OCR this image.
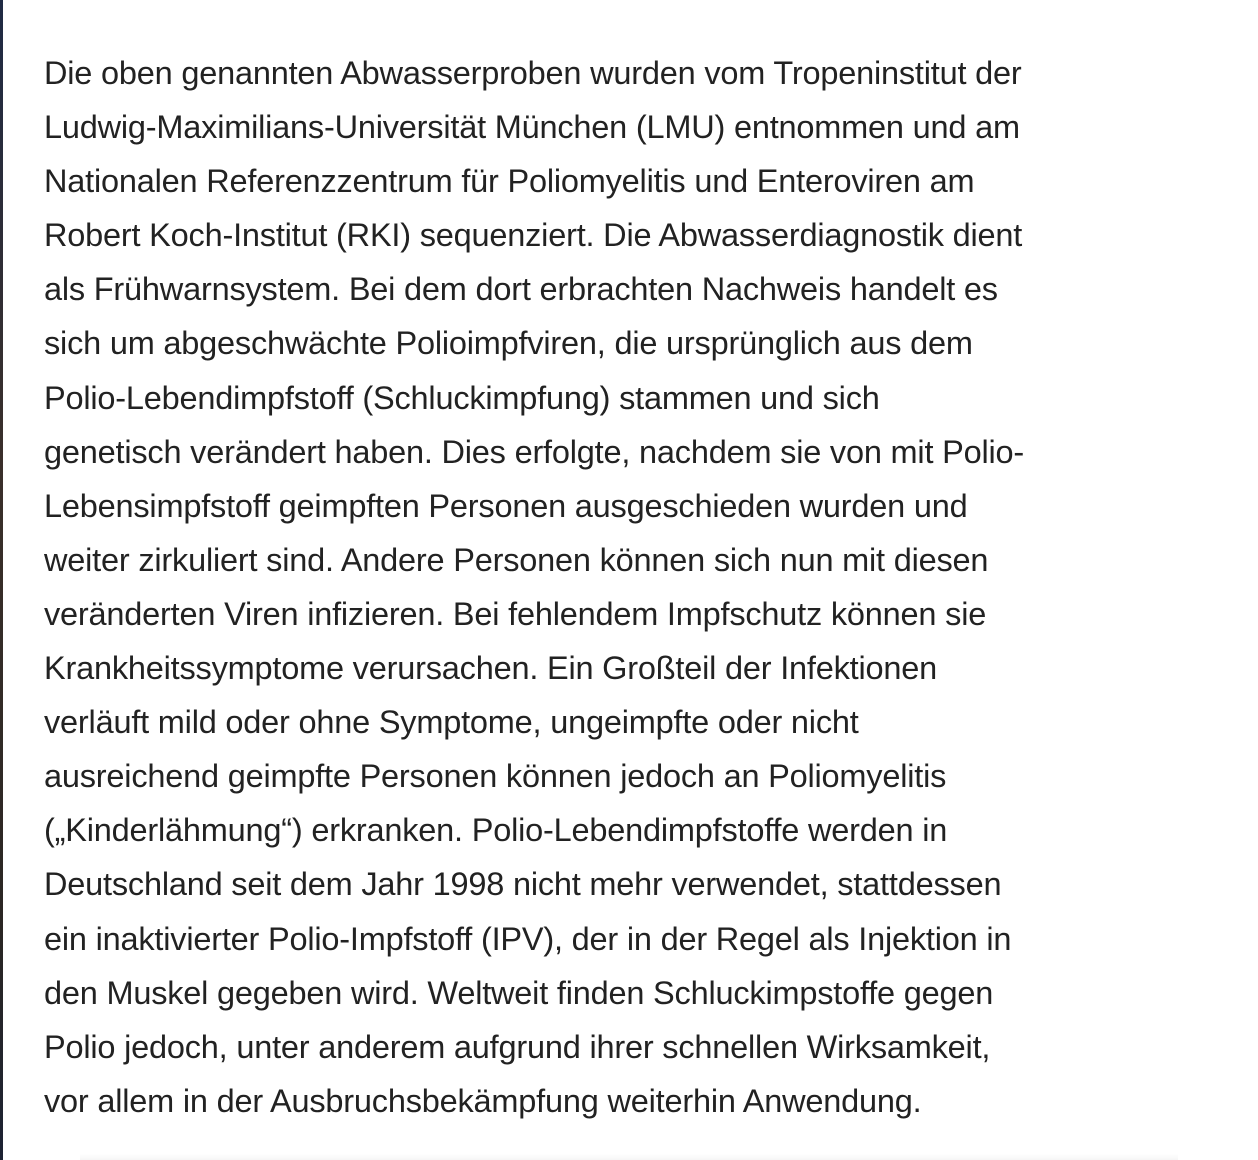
Die oben genannten Abwasserproben wurden vom Tropeninstitut der
Ludwig-Maximilians-Universität München (LMU) entnommen und am
Nationalen Referenzzentrum für Poliomyelitis und Enteroviren am
Robert Koch-Institut (RKI) sequenziert. Die Abwasserdiagnostik dient
als Frühwarnsystem. Bei dem dort erbrachten Nachweis handelt es
sich um abgeschwächte Polioimpfviren, die ursprünglich aus dem
Polio-Lebendimpfstoff (Schluckimpfung) stammen und sich
genetisch verändert haben. Dies erfolgte, nachdem sie von mit Polio-
Lebensimpfstoff geimpften Personen ausgeschieden wurden und
weiter zirkuliert sind. Andere Personen können sich nun mit diesen
veränderten Viren infizieren. Bei fehlendem Impfschutz können sie
Krankheitssymptome verursachen. Ein Großteil der Infektionen
verläuft mild oder ohne Symptome, ungeimpfte oder nicht
ausreichend geimpfte Personen können jedoch an Poliomyelitis
(„Kinderlähmung“) erkranken. Polio-Lebendimpfstoffe werden in
Deutschland seit dem Jahr 1998 nicht mehr verwendet, stattdessen
ein inaktivierter Polio-Impfstoff (IPV), der in der Regel als Injektion in
den Muskel gegeben wird. Weltweit finden Schluckimpstoffe gegen
Polio jedoch, unter anderem aufgrund ihrer schnellen Wirksamkeit,
vor allem in der Ausbruchsbekämpfung weiterhin Anwendung.
